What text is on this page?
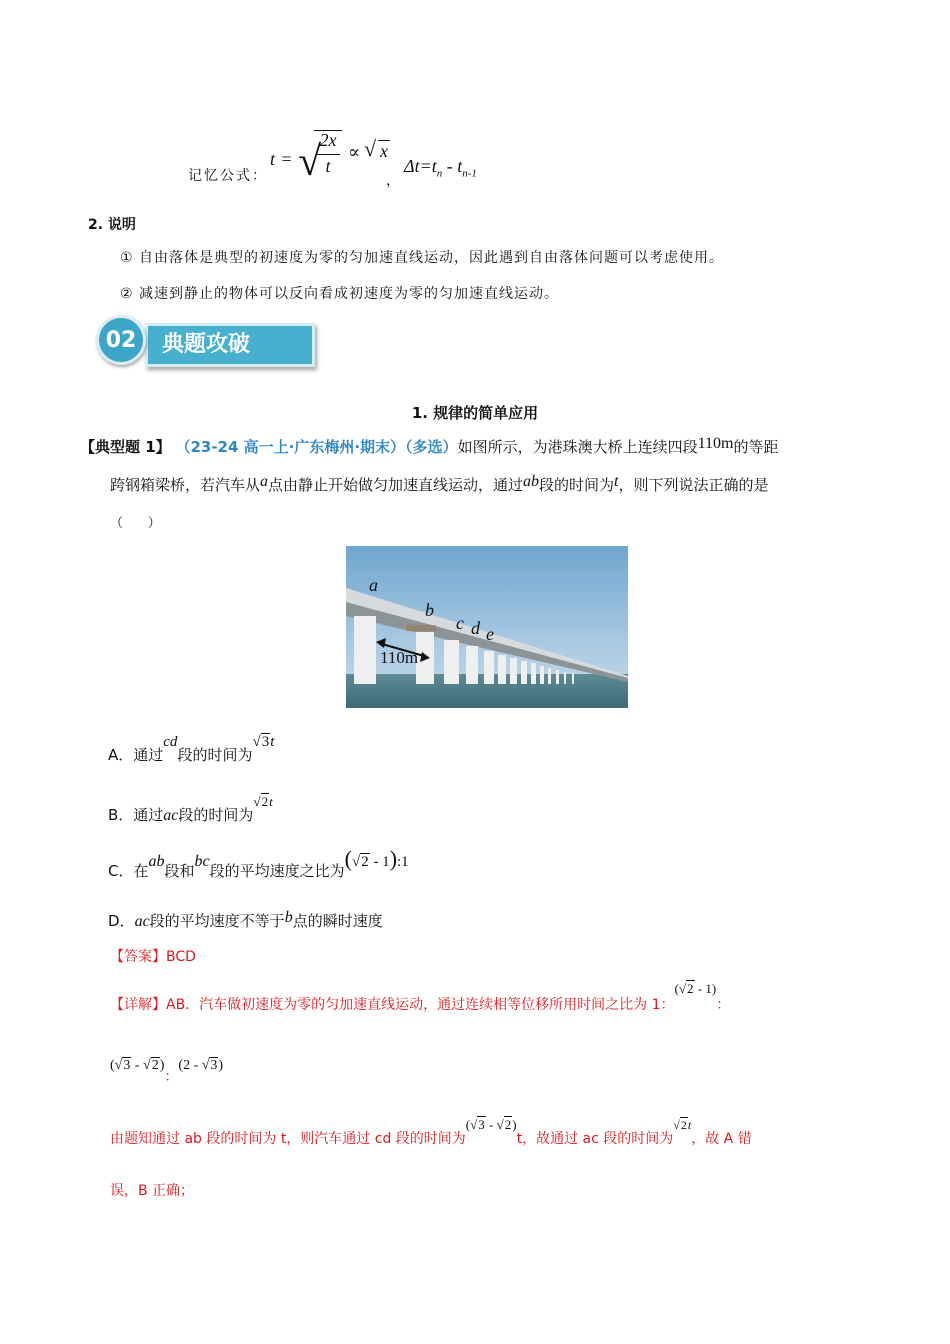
记忆公式：
t = √
2x
t
∝ √ x
，
$\Delta t=t_n - t_{n-1}$
2. 说明
① 自由落体是典型的初速度为零的匀加速直线运动，因此遇到自由落体问题可以考虑使用。
② 减速到静止的物体可以反向看成初速度为零的匀加速直线运动。
典题攻破
02
1. 规律的简单应用
【典型题 1】 （23-24 高一上·广东梅州·期末）（多选）如图所示，为港珠澳大桥上连续四段110m的等距
跨钢箱梁桥，若汽车从a点由静止开始做匀加速直线运动，通过ab段的时间为t，则下列说法正确的是
（      ）
a
b
c d e
110m
A．通过cd段的时间为√3t
B．通过ac段的时间为√2t
C．在ab段和bc段的平均速度之比为(√2 - 1):1
D．ac段的平均速度不等于b点的瞬时速度
【答案】BCD
【详解】AB．汽车做初速度为零的匀加速直线运动，通过连续相等位移所用时间之比为 1：(√2 - 1)：
(√3 - √2)：(2 - √3)
由题知通过 ab 段的时间为 t，则汽车通过 cd 段的时间为(√3 - √2)t，故通过 ac 段的时间为√2t，故 A 错
误，B 正确；
